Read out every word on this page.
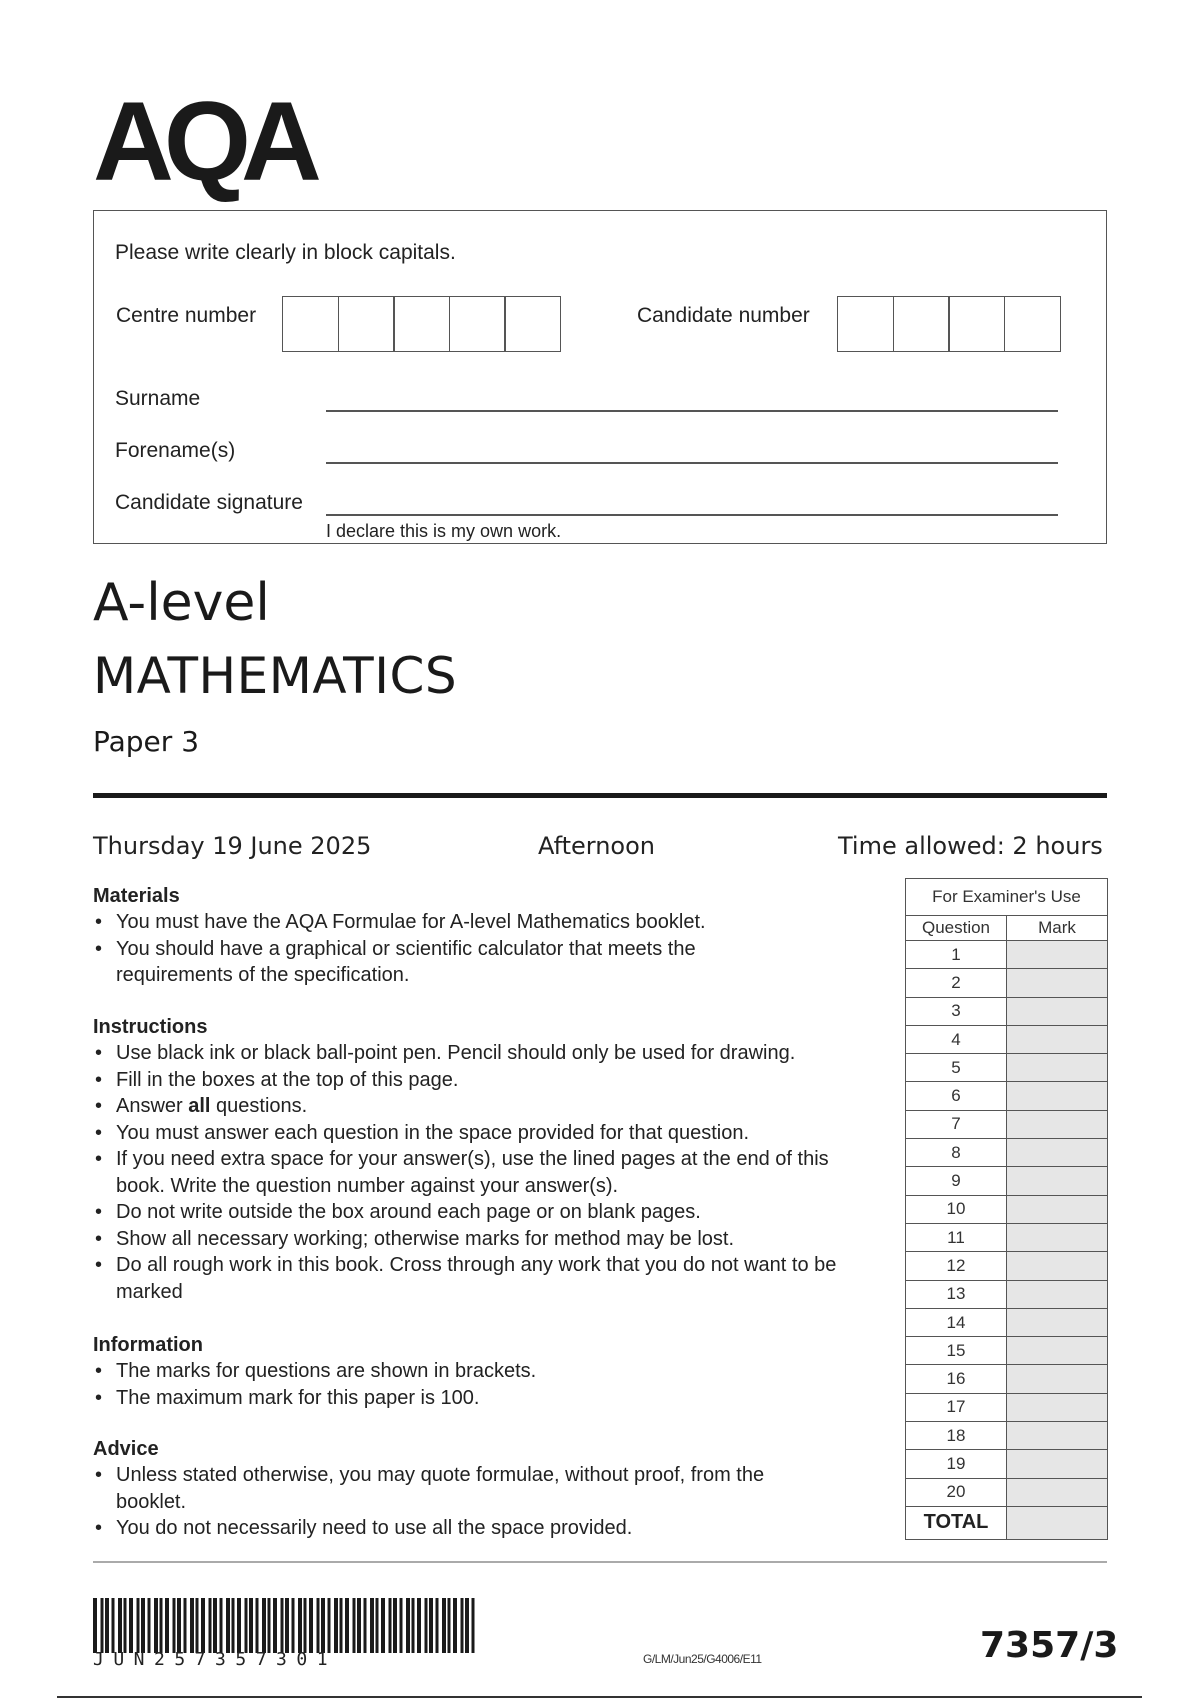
AQA
Please write clearly in block capitals.
Centre number	Candidate number
Surname
Forename(s)
Candidate signature
I declare this is my own work.
A-level
MATHEMATICS
Paper 3
Thursday 19 June 2025	Afternoon	Time allowed: 2 hours
Materials
• You must have the AQA Formulae for A-level Mathematics booklet.
• You should have a graphical or scientific calculator that meets the requirements of the specification.
Instructions
• Use black ink or black ball-point pen. Pencil should only be used for drawing.
• Fill in the boxes at the top of this page.
• Answer all questions.
• You must answer each question in the space provided for that question.
• If you need extra space for your answer(s), use the lined pages at the end of this book. Write the question number against your answer(s).
• Do not write outside the box around each page or on blank pages.
• Show all necessary working; otherwise marks for method may be lost.
• Do all rough work in this book. Cross through any work that you do not want to be marked
Information
• The marks for questions are shown in brackets.
• The maximum mark for this paper is 100.
Advice
• Unless stated otherwise, you may quote formulae, without proof, from the booklet.
• You do not necessarily need to use all the space provided.
For Examiner's Use	
Question	Mark
1	
2	
3	
4	
5	
6	
7	
8	
9	
10	
11	
12	
13	
14	
15	
16	
17	
18	
19	
20	
TOTAL	
JUN257357301	G/LM/Jun25/G4006/E11	7357/3
